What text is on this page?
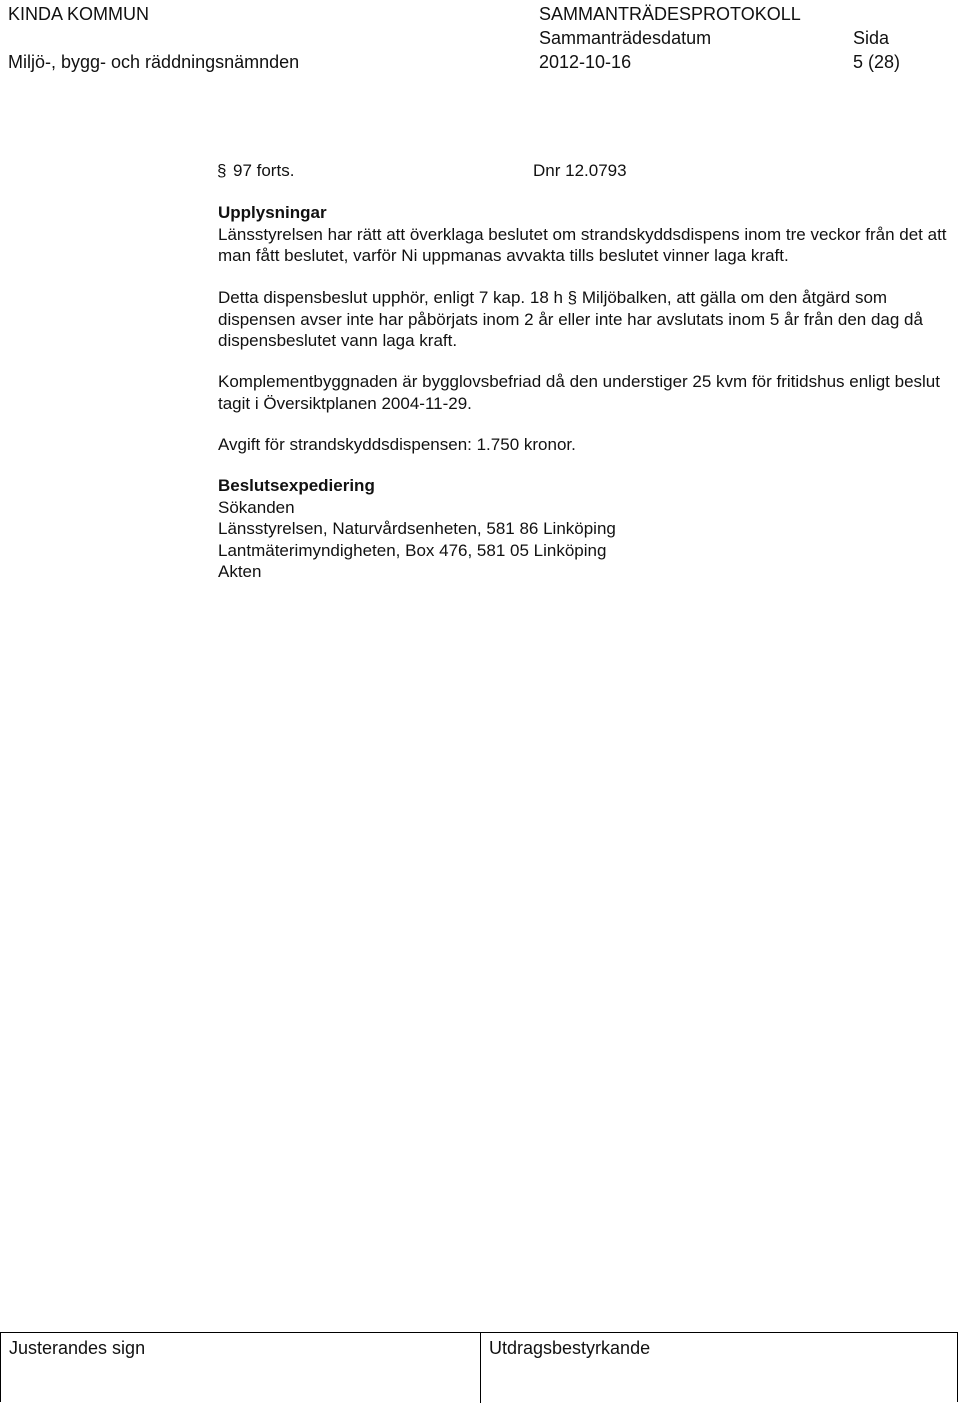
KINDA KOMMUN
Miljö-, bygg- och räddningsnämnden
SAMMANTRÄDESPROTOKOLL
Sammanträdesdatum
2012-10-16
Sida
5 (28)
§ 97 forts.	Dnr 12.0793

Upplysningar

Länsstyrelsen har rätt att överklaga beslutet om strandskyddsdispens inom tre veckor från det att man fått beslutet, varför Ni uppmanas avvakta tills beslutet vinner laga kraft.

Detta dispensbeslut upphör, enligt 7 kap. 18 h § Miljöbalken, att gälla om den åtgärd som dispensen avser inte har påbörjats inom 2 år eller inte har avslutats inom 5 år från den dag då dispensbeslutet vann laga kraft.
Komplementbyggnaden är bygglovsbefriad då den understiger 25 kvm för fritidshus enligt beslut tagit i Översiktplanen 2004-11-29.
Avgift för strandskyddsdispensen: 1.750 kronor.

Beslutsexpediering

Sökanden

Länsstyrelsen, Naturvårdsenheten, 581 86 Linköping

Lantmäterimyndigheten, Box 476, 581 05 Linköping

Akten

Justerandes sign	Utdragsbestyrkande
